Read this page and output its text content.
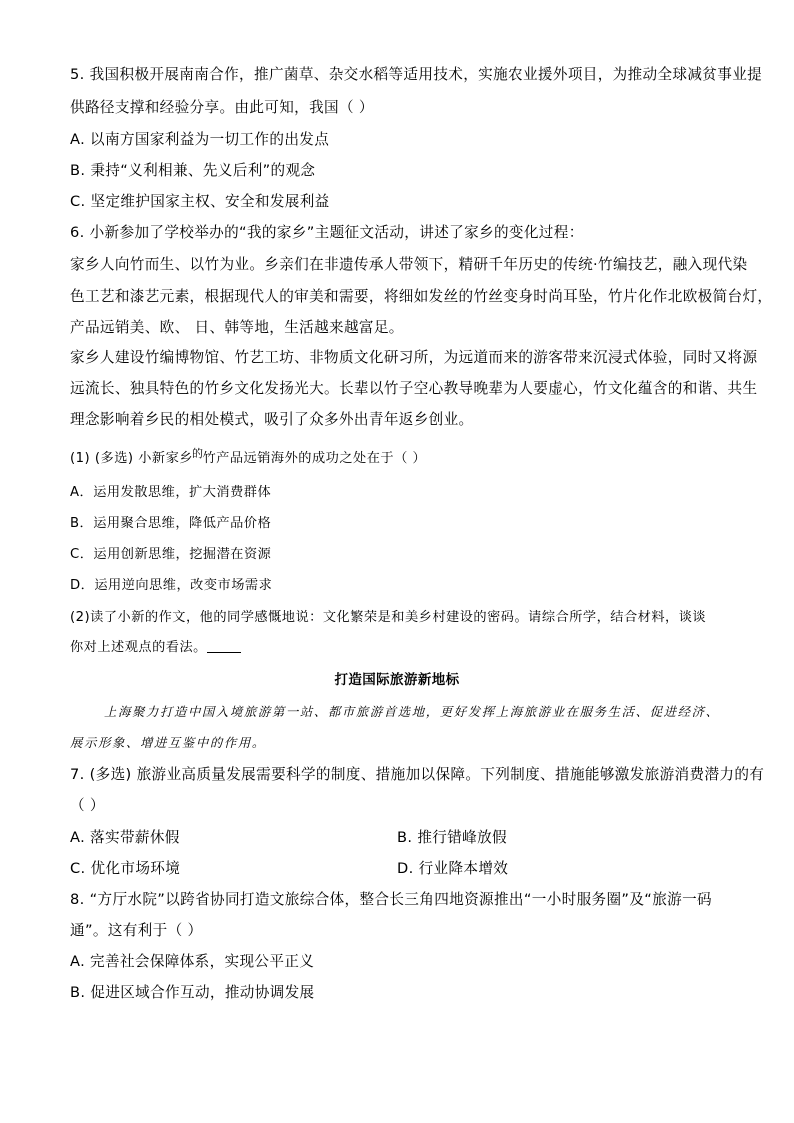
5. 我国积极开展南南合作，推广菌草、杂交水稻等适用技术，实施农业援外项目，为推动全球减贫事业提
供路径支撑和经验分享。由此可知，我国（ ）
A. 以南方国家利益为一切工作的出发点
B. 秉持“义利相兼、先义后利”的观念
C. 坚定维护国家主权、安全和发展利益
6. 小新参加了学校举办的“我的家乡”主题征文活动，讲述了家乡的变化过程：
家乡人向竹而生、以竹为业。乡亲们在非遗传承人带领下，精研千年历史的传统·竹编技艺，融入现代染
色工艺和漆艺元素，根据现代人的审美和需要，将细如发丝的竹丝变身时尚耳坠，竹片化作北欧极简台灯，
产品远销美、欧、 日、韩等地，生活越来越富足。
家乡人建设竹编博物馆、竹艺工坊、非物质文化研习所，为远道而来的游客带来沉浸式体验，同时又将源
远流长、独具特色的竹乡文化发扬光大。长辈以竹子空心教导晚辈为人要虚心，竹文化蕴含的和谐、共生
理念影响着乡民的相处模式，吸引了众多外出青年返乡创业。
(1) (多选) 小新家乡$^的$竹产品远销海外的成功之处在于（ ）
A．运用发散思维，扩大消费群体
B．运用聚合思维，降低产品价格
C．运用创新思维，挖掘潜在资源
D．运用逆向思维，改变市场需求
(2)读了小新的作文，他的同学感慨地说：文化繁荣是和美乡村建设的密码。请综合所学，结合材料，谈谈
你对上述观点的看法。
打造国际旅游新地标
上海聚力打造中国入境旅游第一站、都市旅游首选地，更好发挥上海旅游业在服务生活、促进经济、
展示形象、增进互鉴中的作用。
7. (多选) 旅游业高质量发展需要科学的制度、措施加以保障。下列制度、措施能够激发旅游消费潜力的有
（ ）
A. 落实带薪休假	B. 推行错峰放假
C. 优化市场环境	D. 行业降本增效
8. “方厅水院”以跨省协同打造文旅综合体，整合长三角四地资源推出“一小时服务圈”及“旅游一码
通”。这有利于（ ）
A. 完善社会保障体系，实现公平正义
B. 促进区域合作互动，推动协调发展
